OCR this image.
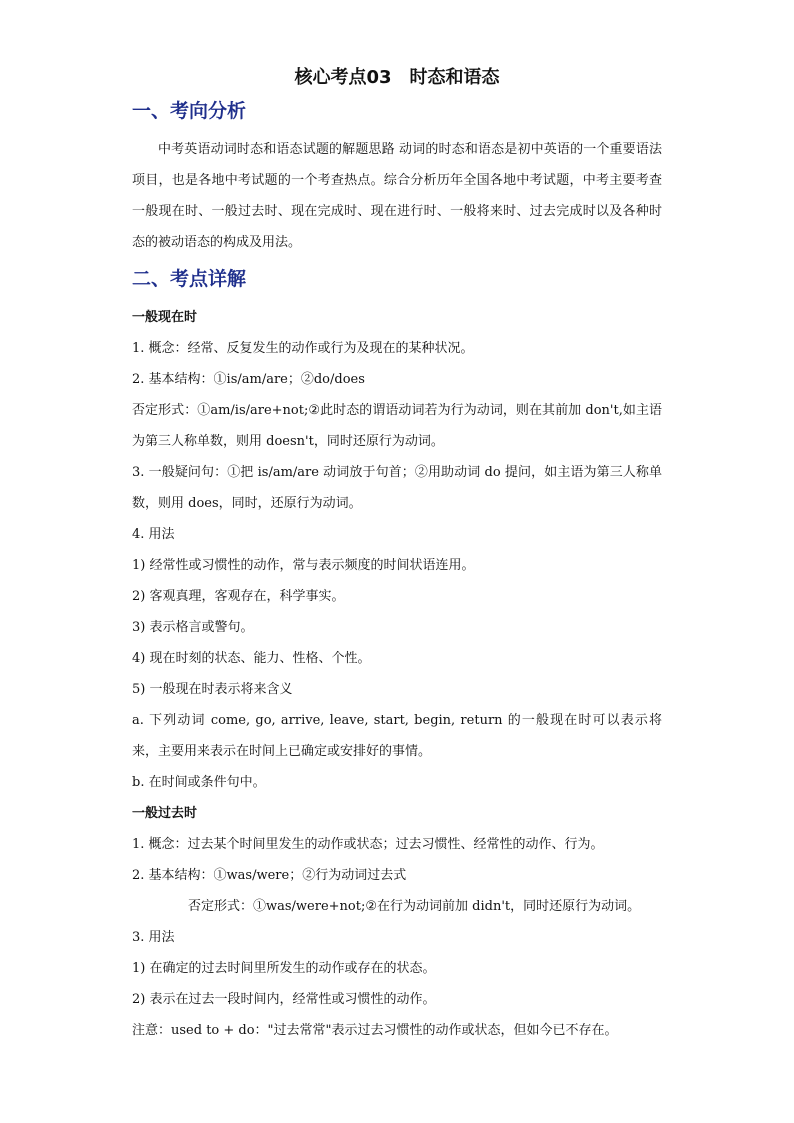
核心考点03　时态和语态
一、考向分析

中考英语动词时态和语态试题的解题思路 动词的时态和语态是初中英语的一个重要语法项目，也是各地中考试题的一个考查热点。综合分析历年全国各地中考试题，中考主要考查一般现在时、一般过去时、现在完成时、现在进行时、一般将来时、过去完成时以及各种时态的被动语态的构成及用法。

二、考点详解
一般现在时

1. 概念：经常、反复发生的动作或行为及现在的某种状况。

2. 基本结构：①is/am/are；②do/does

否定形式：①am/is/are+not;②此时态的谓语动词若为行为动词，则在其前加 don't,如主语为第三人称单数，则用 doesn't，同时还原行为动词。

3. 一般疑问句：①把 is/am/are 动词放于句首；②用助动词 do 提问，如主语为第三人称单数，则用 does，同时，还原行为动词。

4. 用法

1) 经常性或习惯性的动作，常与表示频度的时间状语连用。

2) 客观真理，客观存在，科学事实。

3) 表示格言或警句。

4) 现在时刻的状态、能力、性格、个性。

5) 一般现在时表示将来含义

a. 下列动词 come, go, arrive, leave, start, begin, return 的一般现在时可以表示将来，主要用来表示在时间上已确定或安排好的事情。

b. 在时间或条件句中。

一般过去时

1. 概念：过去某个时间里发生的动作或状态；过去习惯性、经常性的动作、行为。

2. 基本结构：①was/were；②行为动词过去式

否定形式：①was/were+not;②在行为动词前加 didn't，同时还原行为动词。

3. 用法

1) 在确定的过去时间里所发生的动作或存在的状态。

2) 表示在过去一段时间内，经常性或习惯性的动作。

注意：used to + do："过去常常"表示过去习惯性的动作或状态，但如今已不存在。
